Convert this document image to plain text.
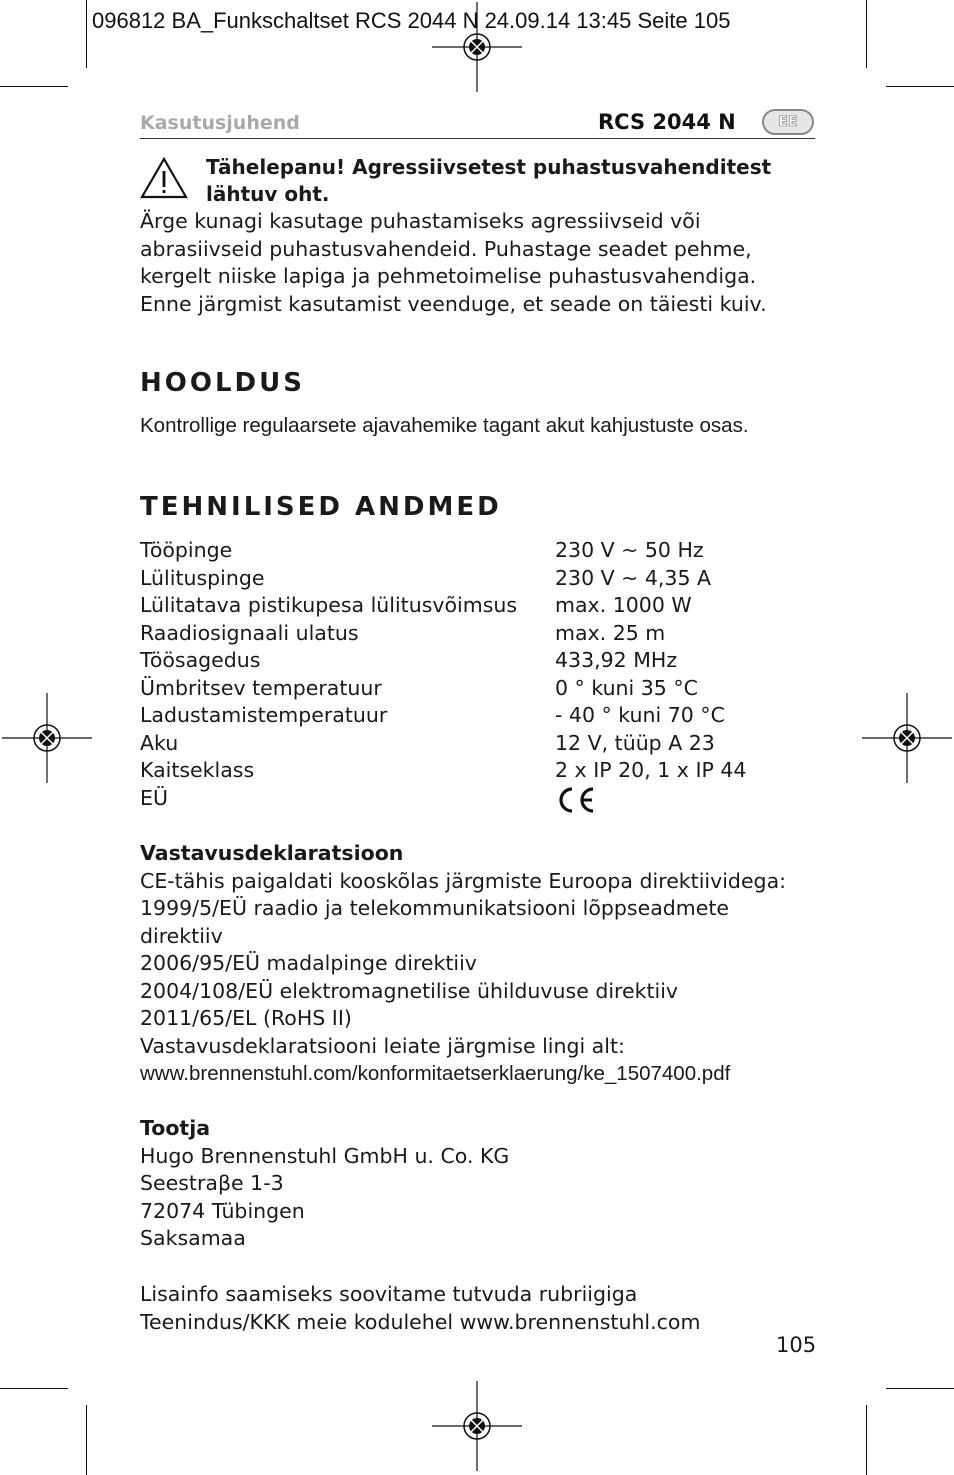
096812 BA_Funkschaltset RCS 2044 N 24.09.14 13:45 Seite 105
Kasutusjuhend	RCS 2044 N	EE
Tähelepanu! Agressiivsetest puhastusvahenditest lähtuv oht.
Ärge kunagi kasutage puhastamiseks agressiivseid või
abrasiivseid puhastusvahendeid. Puhastage seadet pehme,
kergelt niiske lapiga ja pehmetoimelise puhastusvahendiga.
Enne järgmist kasutamist veenduge, et seade on täiesti kuiv.
HOOLDUS
Kontrollige regulaarsete ajavahemike tagant akut kahjustuste osas.
TEHNILISED ANDMED
Tööpinge	230 V ~ 50 Hz
Lülituspinge	230 V ~ 4,35 A
Lülitatava pistikupesa lülitusvõimsus	max. 1000 W
Raadiosignaali ulatus	max. 25 m
Töösagedus	433,92 MHz
Ümbritsev temperatuur	0 ° kuni 35 °C
Ladustamistemperatuur	- 40 ° kuni 70 °C
Aku	12 V, tüüp A 23
Kaitseklass	2 x IP 20, 1 x IP 44
EÜ
Vastavusdeklaratsioon
CE-tähis paigaldati kooskõlas järgmiste Euroopa direktiividega:
1999/5/EÜ raadio ja telekommunikatsiooni lõppseadmete
direktiiv
2006/95/EÜ madalpinge direktiiv
2004/108/EÜ elektromagnetilise ühilduvuse direktiiv
2011/65/EL (RoHS II)
Vastavusdeklaratsiooni leiate järgmise lingi alt:
www.brennenstuhl.com/konformitaetserklaerung/ke_1507400.pdf
Tootja
Hugo Brennenstuhl GmbH u. Co. KG
Seestraβe 1-3
72074 Tübingen
Saksamaa
Lisainfo saamiseks soovitame tutvuda rubriigiga
Teenindus/KKK meie kodulehel www.brennenstuhl.com
105
